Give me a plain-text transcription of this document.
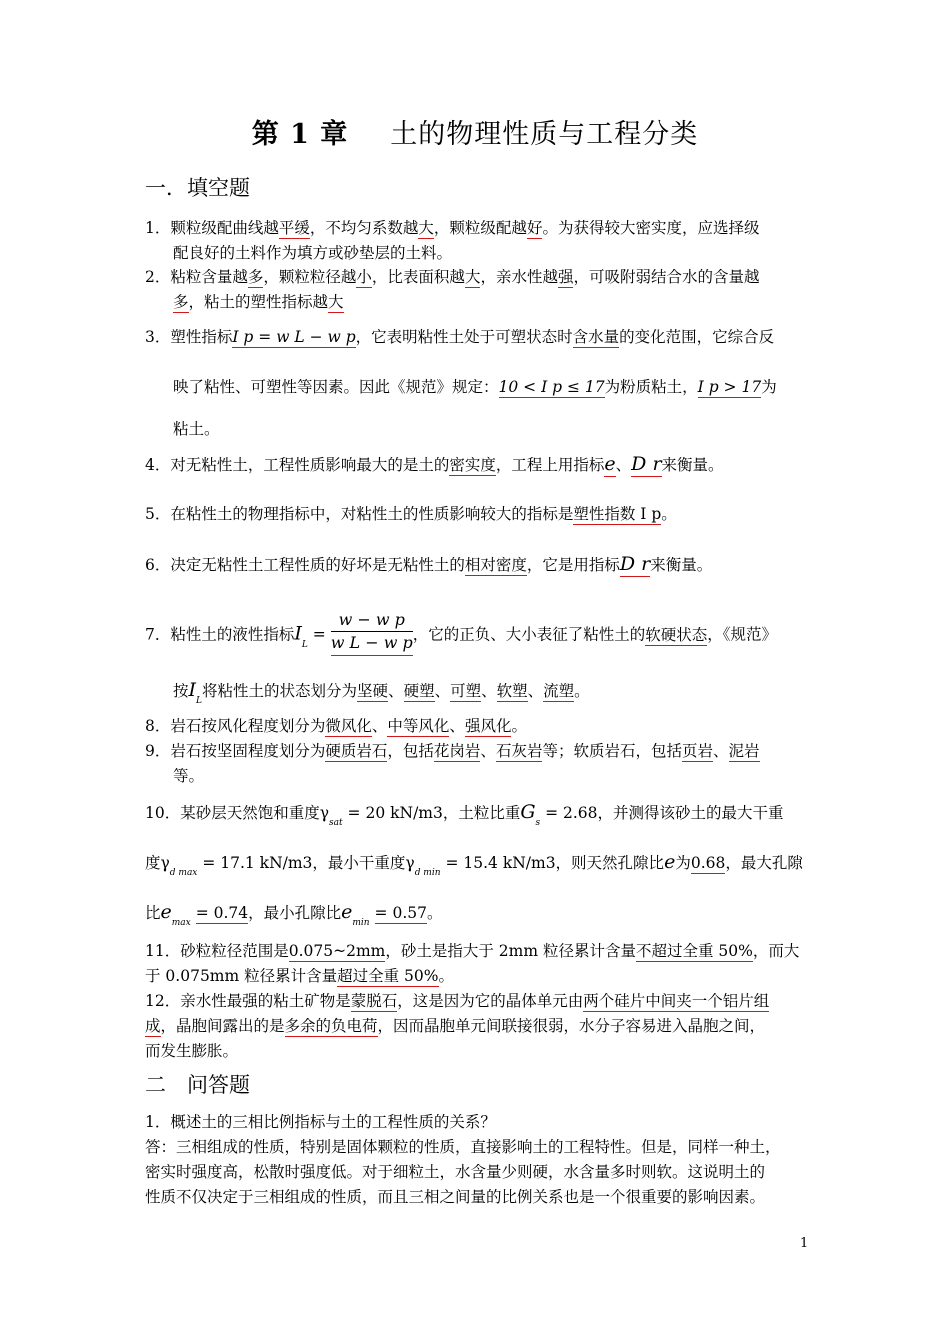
第 1 章 土的物理性质与工程分类
一．填空题
1．颗粒级配曲线越平缓，不均匀系数越大，颗粒级配越好。为获得较大密实度，应选择级
配良好的土料作为填方或砂垫层的土料。
2．粘粒含量越多，颗粒粒径越小，比表面积越大，亲水性越强，可吸附弱结合水的含量越
多，粘土的塑性指标越大
3．塑性指标I p = w L − w p，它表明粘性土处于可塑状态时含水量的变化范围，它综合反
映了粘性、可塑性等因素。因此《规范》规定：10 < I p ≤ 17为粉质粘土，I p > 17为
粘土。
4．对无粘性土，工程性质影响最大的是土的密实度，工程上用指标e、D r来衡量。
5．在粘性土的物理指标中，对粘性土的性质影响较大的指标是塑性指数 I p。
6．决定无粘性土工程性质的好坏是无粘性土的相对密度，它是用指标D r来衡量。
7．粘性土的液性指标$I_L = \frac{\text{w − w p}}{\text{w L − w p}}$ ，它的正负、大小表征了粘性土的软硬状态，《规范》
按$I_L$将粘性土的状态划分为坚硬、硬塑、可塑、软塑、流塑。
8．岩石按风化程度划分为微风化、中等风化、强风化。
9．岩石按坚固程度划分为硬质岩石，包括花岗岩、石灰岩等；软质岩石，包括页岩、泥岩
等。
10．某砂层天然饱和重度$\gamma_{sat} = 20$ kN/m3，土粒比重$G_s = 2.68$，并测得该砂土的最大干重
度$\gamma_{d max} = 17.1$ kN/m3，最小干重度$\gamma_{d min} = 15.4$ kN/m3，则天然孔隙比e为0.68，最大孔隙
比$e_{max} = 0.74$，最小孔隙比$e_{min} = 0.57$。
11．砂粒粒径范围是0.075~2mm，砂土是指大于 2mm 粒径累计含量不超过全重 50%，而大
于 0.075mm 粒径累计含量超过全重 50%。
12．亲水性最强的粘土矿物是蒙脱石，这是因为它的晶体单元由两个硅片中间夹一个铝片组
成，晶胞间露出的是多余的负电荷，因而晶胞单元间联接很弱，水分子容易进入晶胞之间，
而发生膨胀。
二　问答题
1．概述土的三相比例指标与土的工程性质的关系？
答：三相组成的性质，特别是固体颗粒的性质，直接影响土的工程特性。但是，同样一种土，
密实时强度高，松散时强度低。对于细粒土，水含量少则硬，水含量多时则软。这说明土的
性质不仅决定于三相组成的性质，而且三相之间量的比例关系也是一个很重要的影响因素。
1
